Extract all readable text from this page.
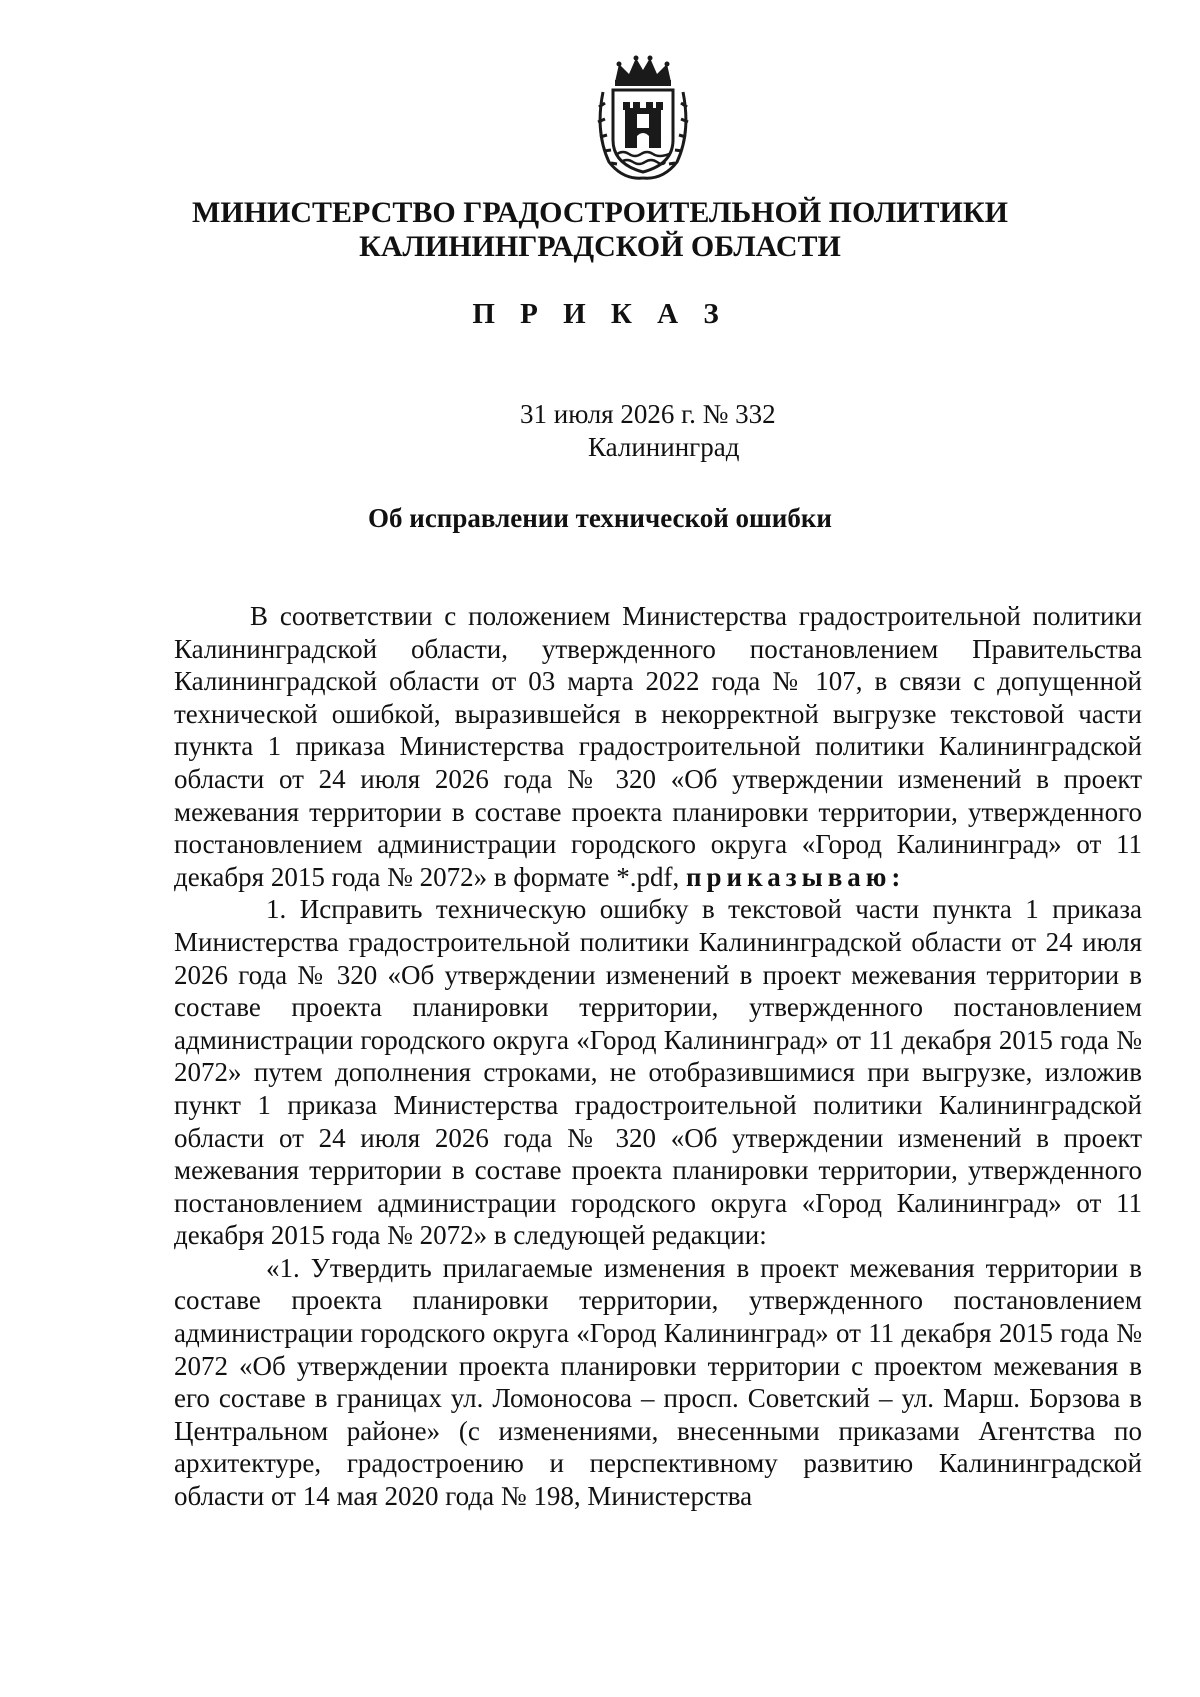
МИНИСТЕРСТВО ГРАДОСТРОИТЕЛЬНОЙ ПОЛИТИКИ
КАЛИНИНГРАДСКОЙ ОБЛАСТИ
П Р И К А З
31 июля 2026 г. № 332
Калининград
Об исправлении технической ошибки

В соответствии с положением Министерства градостроительной политики Калининградской области, утвержденного постановлением Правительства Калининградской области от 03 марта 2022 года № 107, в связи с допущенной технической ошибкой, выразившейся в некорректной выгрузке текстовой части пункта 1 приказа Министерства градостроительной политики Калининградской области от 24 июля 2026 года № 320 «Об утверждении изменений в проект межевания территории в составе проекта планировки территории, утвержденного постановлением администрации городского округа «Город Калининград» от 11 декабря 2015 года № 2072» в формате *.pdf, приказываю:

1. Исправить техническую ошибку в текстовой части пункта 1 приказа Министерства градостроительной политики Калининградской области от 24 июля 2026 года № 320 «Об утверждении изменений в проект межевания территории в составе проекта планировки территории, утвержденного постановлением администрации городского округа «Город Калининград» от 11 декабря 2015 года № 2072» путем дополнения строками, не отобразившимися при выгрузке, изложив пункт 1 приказа Министерства градостроительной политики Калининградской области от 24 июля 2026 года № 320 «Об утверждении изменений в проект межевания территории в составе проекта планировки территории, утвержденного постановлением администрации городского округа «Город Калининград» от 11 декабря 2015 года № 2072» в следующей редакции:

«1. Утвердить прилагаемые изменения в проект межевания территории в составе проекта планировки территории, утвержденного постановлением администрации городского округа «Город Калининград» от 11 декабря 2015 года № 2072 «Об утверждении проекта планировки территории с проектом межевания в его составе в границах ул. Ломоносова – просп. Советский – ул. Марш. Борзова в Центральном районе» (с изменениями, внесенными приказами Агентства по архитектуре, градостроению и перспективному развитию Калининградской области от 14 мая 2020 года № 198, Министерства
